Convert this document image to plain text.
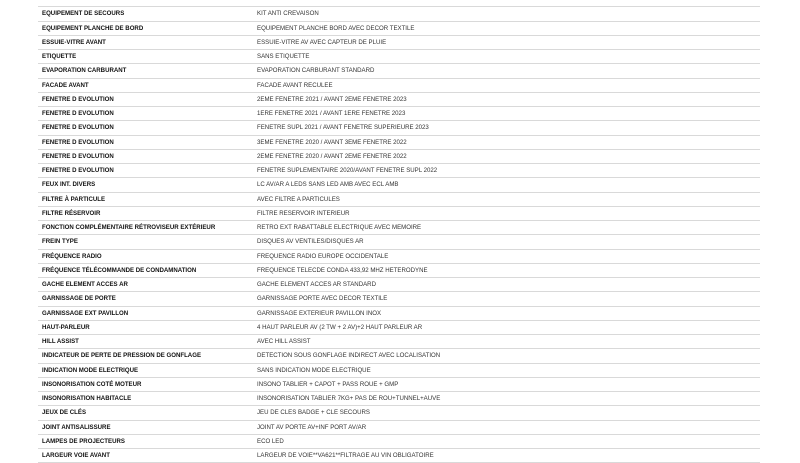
EQUIPEMENT DE SECOURS	KIT ANTI CREVAISON
EQUIPEMENT PLANCHE DE BORD	EQUIPEMENT PLANCHE BORD AVEC DECOR TEXTILE
ESSUIE-VITRE AVANT	ESSUIE-VITRE AV AVEC CAPTEUR DE PLUIE
ETIQUETTE	SANS ETIQUETTE
EVAPORATION CARBURANT	EVAPORATION CARBURANT STANDARD
FACADE AVANT	FACADE AVANT RECULEE
FENETRE D EVOLUTION	2EME FENETRE 2021 / AVANT 2EME FENETRE 2023
FENETRE D EVOLUTION	1ERE FENETRE 2021 / AVANT 1ERE FENETRE 2023
FENETRE D EVOLUTION	FENETRE SUPL 2021 / AVANT FENETRE SUPERIEURE 2023
FENETRE D EVOLUTION	3EME FENETRE 2020 / AVANT 3EME FENETRE 2022
FENETRE D EVOLUTION	2EME FENETRE 2020 / AVANT 2EME FENETRE 2022
FENETRE D EVOLUTION	FENETRE SUPLEMENTAIRE 2020/AVANT FENETRE SUPL 2022
FEUX INT. DIVERS	LC AV/AR A LEDS SANS LED AMB AVEC ECL AMB
FILTRE À PARTICULE	AVEC FILTRE A PARTICULES
FILTRE RÉSERVOIR	FILTRE RESERVOIR INTERIEUR
FONCTION COMPLÉMENTAIRE RÉTROVISEUR EXTÉRIEUR	RETRO EXT RABATTABLE ELECTRIQUE AVEC MEMOIRE
FREIN TYPE	DISQUES AV VENTILES/DISQUES AR
FRÉQUENCE RADIO	FREQUENCE RADIO EUROPE OCCIDENTALE
FRÉQUENCE TÉLÉCOMMANDE DE CONDAMNATION	FREQUENCE TELECDE CONDA 433,92 MHZ HETERODYNE
GACHE ELEMENT ACCES AR	GACHE ELEMENT ACCES AR STANDARD
GARNISSAGE DE PORTE	GARNISSAGE PORTE AVEC DECOR TEXTILE
GARNISSAGE EXT PAVILLON	GARNISSAGE EXTERIEUR PAVILLON INOX
HAUT-PARLEUR	4 HAUT PARLEUR AV (2 TW + 2 AV)+2 HAUT PARLEUR AR
HILL ASSIST	AVEC HILL ASSIST
INDICATEUR DE PERTE DE PRESSION DE GONFLAGE	DETECTION SOUS GONFLAGE INDIRECT AVEC LOCALISATION
INDICATION MODE ELECTRIQUE	SANS INDICATION MODE ELECTRIQUE
INSONORISATION COTÉ MOTEUR	INSONO TABLIER + CAPOT + PASS ROUE + GMP
INSONORISATION HABITACLE	INSONORISATION TABLIER 7KG+ PAS DE ROU+TUNNEL+AUVE
JEUX DE CLÉS	JEU DE CLES BADGE + CLE SECOURS
JOINT ANTISALISSURE	JOINT AV PORTE AV+INF PORT AV/AR
LAMPES DE PROJECTEURS	ECO LED
LARGEUR VOIE AVANT	LARGEUR DE VOIE**VA621**FILTRAGE AU VIN OBLIGATOIRE
